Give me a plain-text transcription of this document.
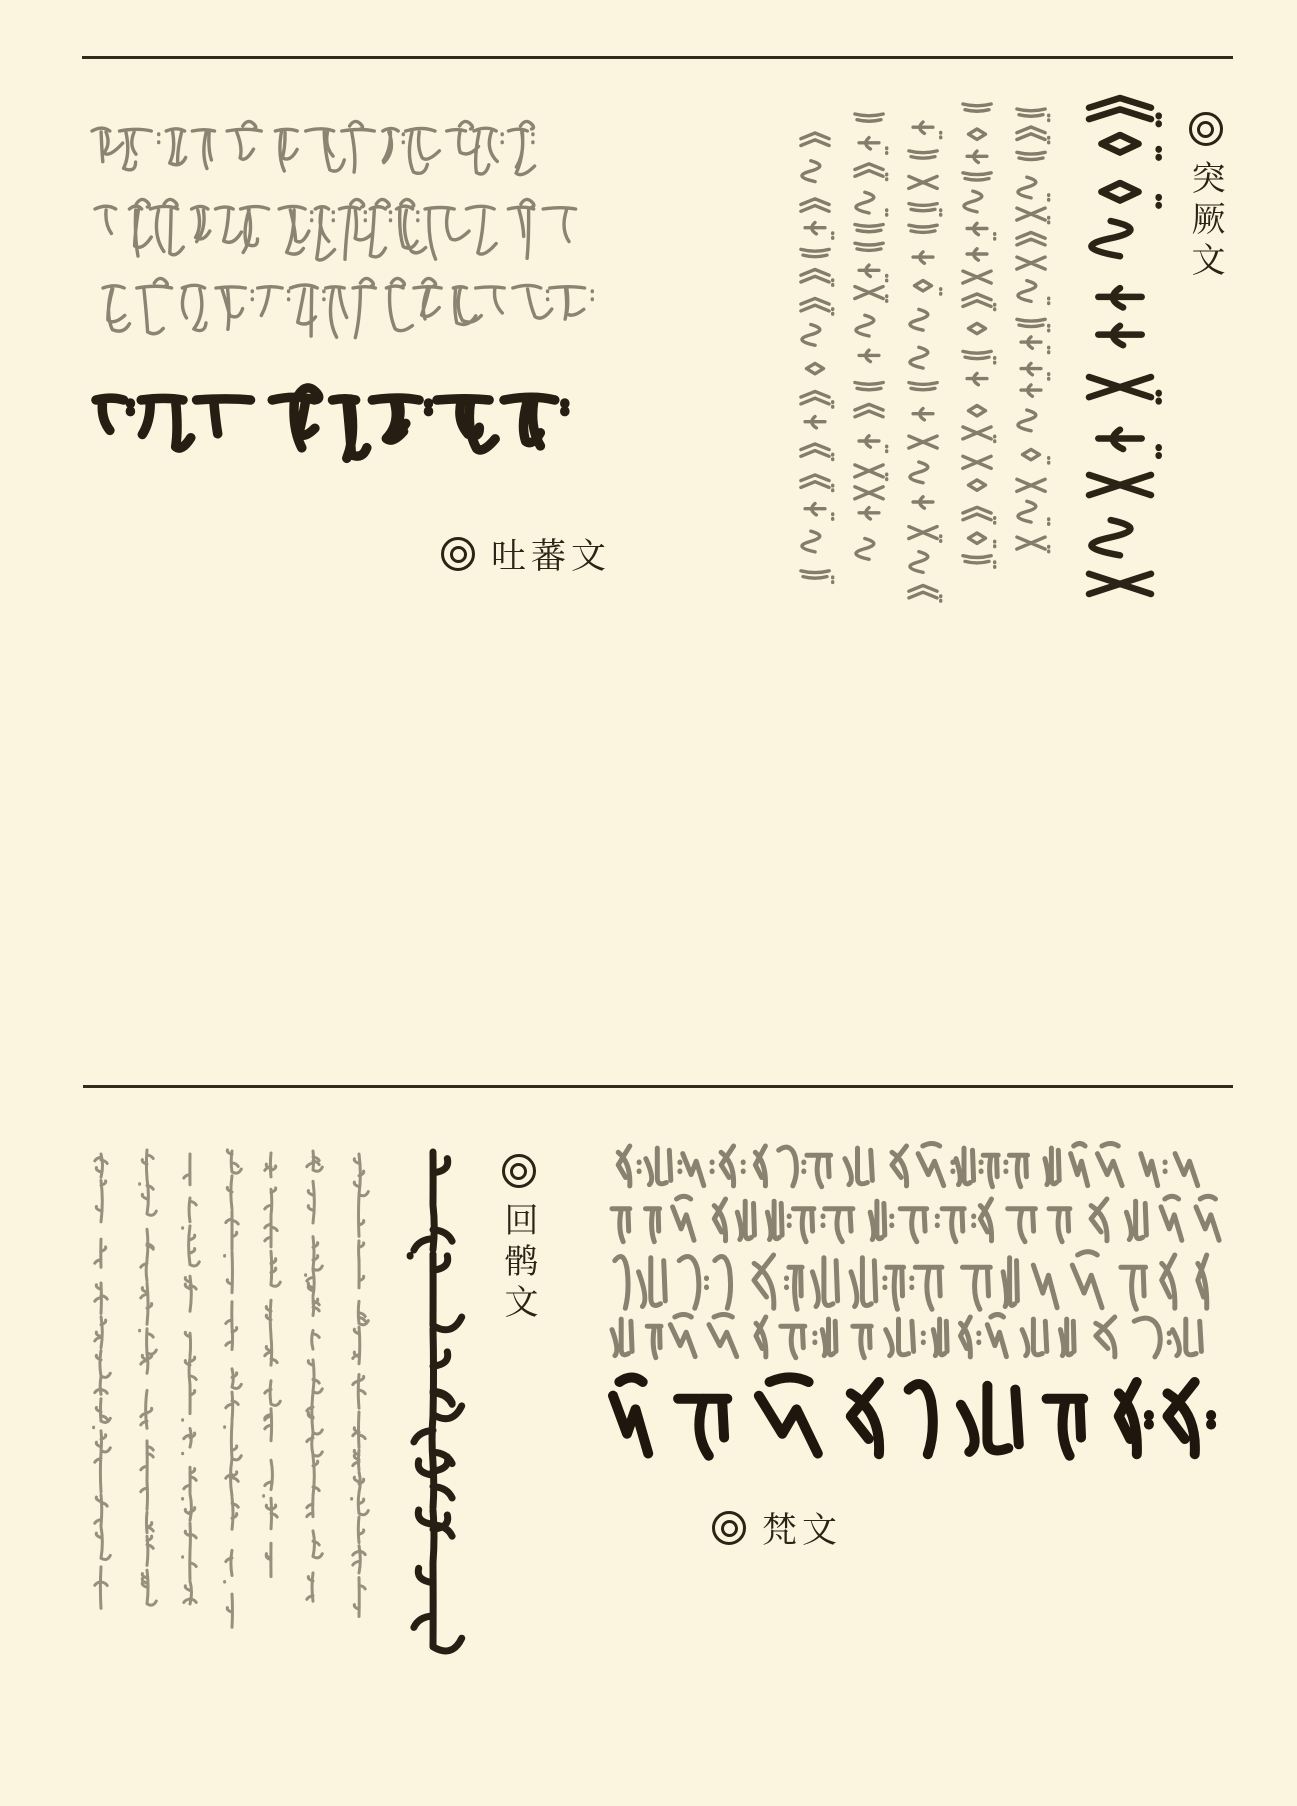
吐蕃文
突厥文
回鹘文
梵文
